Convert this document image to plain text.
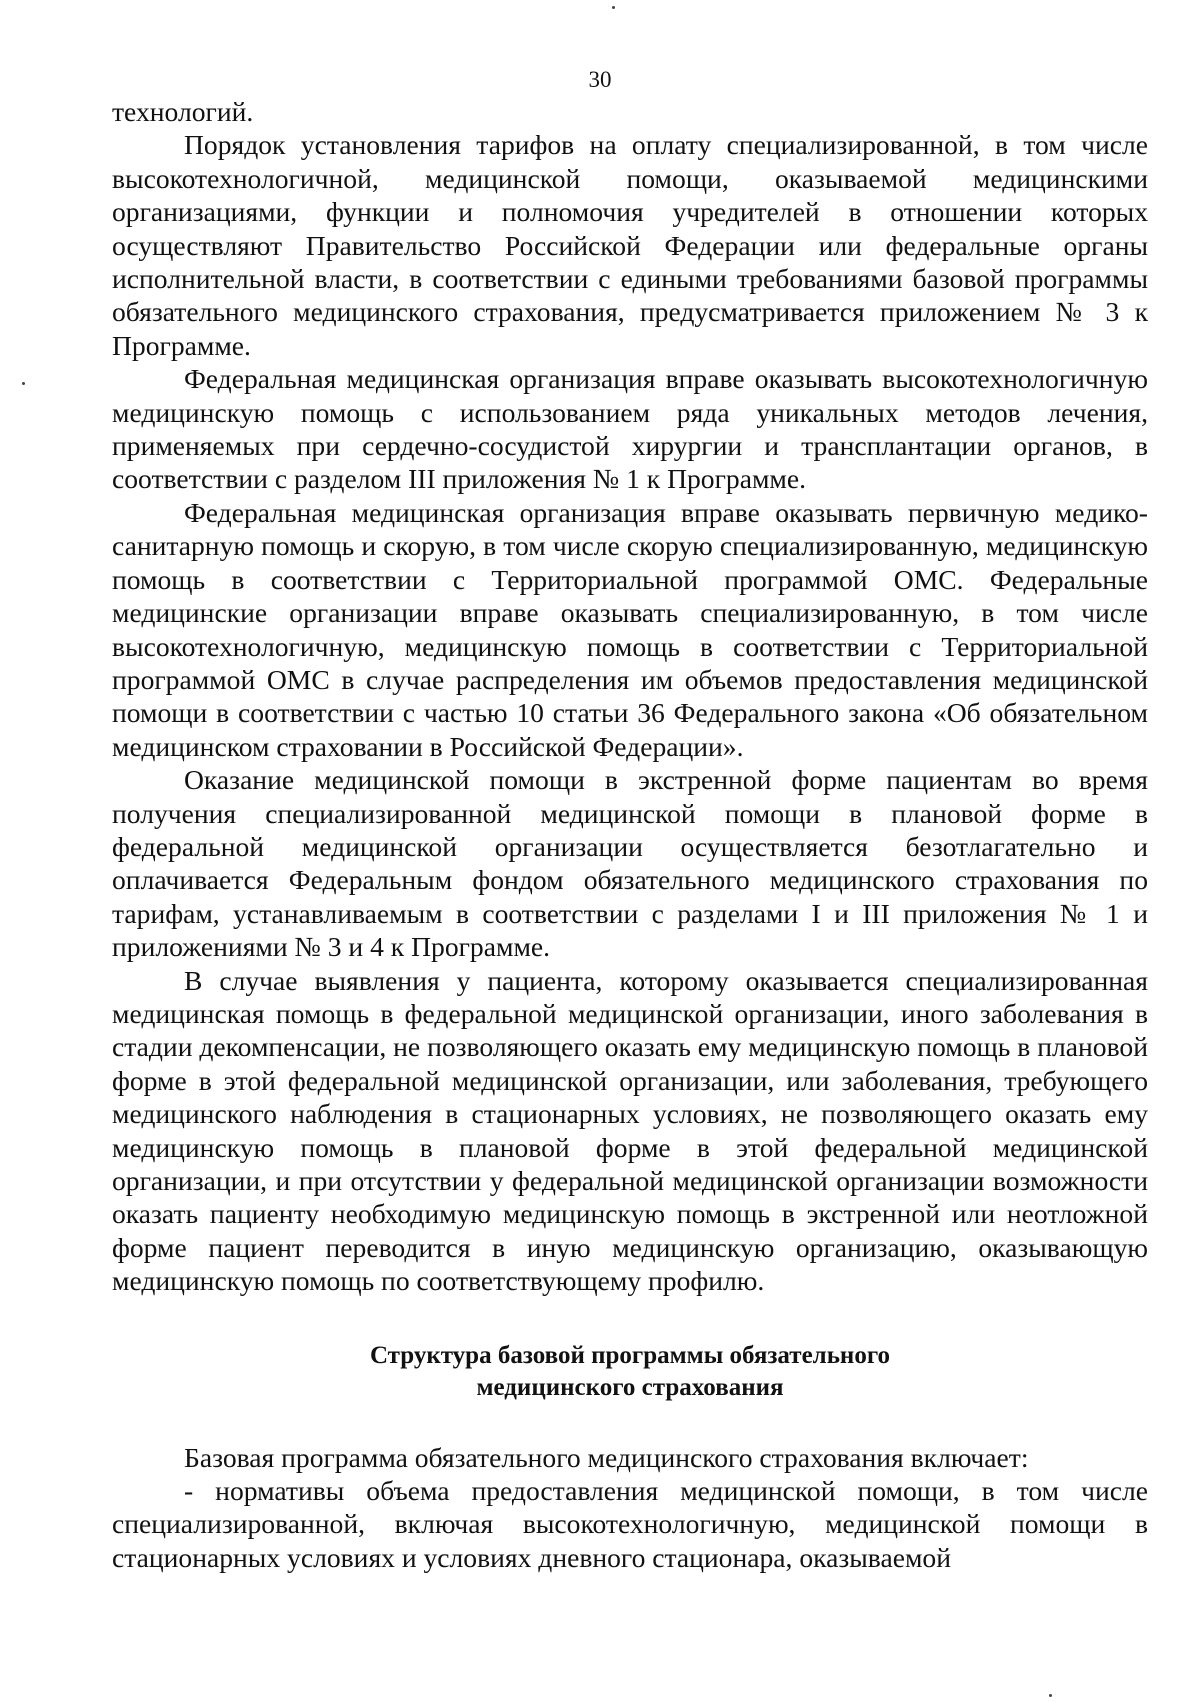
30

технологий.

Порядок установления тарифов на оплату специализированной, в том числе высокотехнологичной, медицинской помощи, оказываемой медицинскими организациями, функции и полномочия учредителей в отношении которых осуществляют Правительство Российской Федерации или федеральные органы исполнительной власти, в соответствии с едиными требованиями базовой программы обязательного медицинского страхования, предусматривается приложением № 3 к Программе.

Федеральная медицинская организация вправе оказывать высокотехнологичную медицинскую помощь с использованием ряда уникальных методов лечения, применяемых при сердечно-сосудистой хирургии и трансплантации органов, в соответствии с разделом III приложения № 1 к Программе.

Федеральная медицинская организация вправе оказывать первичную медико-санитарную помощь и скорую, в том числе скорую специализированную, медицинскую помощь в соответствии с Территориальной программой ОМС. Федеральные медицинские организации вправе оказывать специализированную, в том числе высокотехнологичную, медицинскую помощь в соответствии с Территориальной программой ОМС в случае распределения им объемов предоставления медицинской помощи в соответствии с частью 10 статьи 36 Федерального закона «Об обязательном медицинском страховании в Российской Федерации».

Оказание медицинской помощи в экстренной форме пациентам во время получения специализированной медицинской помощи в плановой форме в федеральной медицинской организации осуществляется безотлагательно и оплачивается Федеральным фондом обязательного медицинского страхования по тарифам, устанавливаемым в соответствии с разделами I и III приложения № 1 и приложениями № 3 и 4 к Программе.

В случае выявления у пациента, которому оказывается специализированная медицинская помощь в федеральной медицинской организации, иного заболевания в стадии декомпенсации, не позволяющего оказать ему медицинскую помощь в плановой форме в этой федеральной медицинской организации, или заболевания, требующего медицинского наблюдения в стационарных условиях, не позволяющего оказать ему медицинскую помощь в плановой форме в этой федеральной медицинской организации, и при отсутствии у федеральной медицинской организации возможности оказать пациенту необходимую медицинскую помощь в экстренной или неотложной форме пациент переводится в иную медицинскую организацию, оказывающую медицинскую помощь по соответствующему профилю.

Структура базовой программы обязательного
медицинского страхования

Базовая программа обязательного медицинского страхования включает:

- нормативы объема предоставления медицинской помощи, в том числе специализированной, включая высокотехнологичную, медицинской помощи в стационарных условиях и условиях дневного стационара, оказываемой
